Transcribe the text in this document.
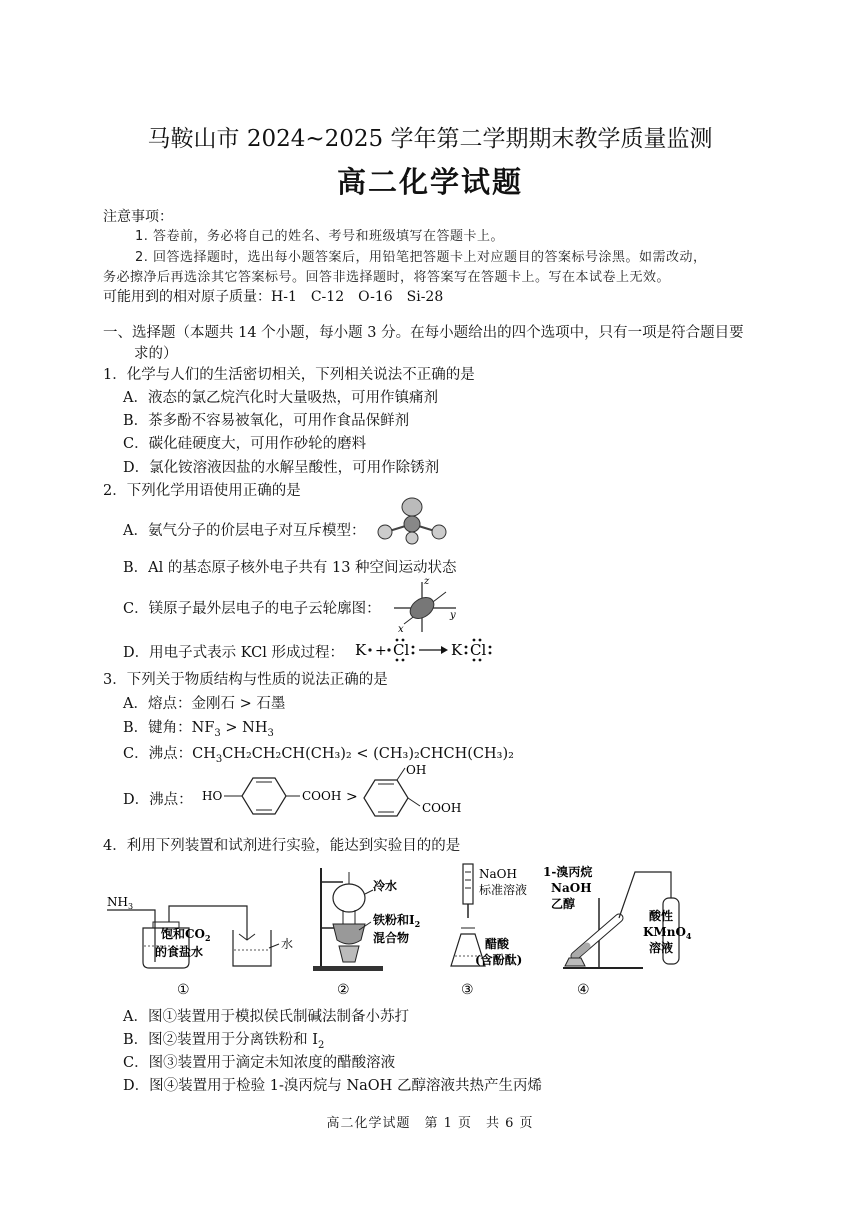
马鞍山市 2024~2025 学年第二学期期末教学质量监测
高二化学试题
注意事项：
1. 答卷前，务必将自己的姓名、考号和班级填写在答题卡上。
2. 回答选择题时，选出每小题答案后，用铅笔把答题卡上对应题目的答案标号涂黑。如需改动，
务必擦净后再选涂其它答案标号。回答非选择题时，将答案写在答题卡上。写在本试卷上无效。
可能用到的相对原子质量：H-1　C-12　O-16　Si-28
一、选择题（本题共 14 个小题，每小题 3 分。在每小题给出的四个选项中，只有一项是符合题目要
求的）
1．化学与人们的生活密切相关，下列相关说法不正确的是
A．液态的氯乙烷汽化时大量吸热，可用作镇痛剂
B．茶多酚不容易被氧化，可用作食品保鲜剂
C．碳化硅硬度大，可用作砂轮的磨料
D．氯化铵溶液因盐的水解呈酸性，可用作除锈剂
2．下列化学用语使用正确的是
A．氨气分子的价层电子对互斥模型：
B．Al 的基态原子核外电子共有 13 种空间运动状态
C．镁原子最外层电子的电子云轮廓图：
z
x
y
D．用电子式表示 KCl 形成过程： K + Cl	K Cl
3．下列关于物质结构与性质的说法正确的是
A．熔点：金刚石 > 石墨
B．键角：$NF_3 > NH_3$
C．沸点：$CH_3CH_2CH_2CH(CH_3)_2$ < (CH₃)₂CHCH(CH₃)₂
D．沸点： HO	COOH >
OH
COOH
4．利用下列装置和试剂进行实验，能达到实验目的的是
$NH_3$
饱和$CO_2$
的食盐水
水
①
冷水
铁粉和$I_2$
混合物
②
NaOH
标准溶液
醋酸
(含酚酞)
③
1-溴丙烷
NaOH
乙醇
酸性
KMnO$_4$
溶液
④
A．图①装置用于模拟侯氏制碱法制备小苏打
B．图②装置用于分离铁粉和 $I_2$
C．图③装置用于滴定未知浓度的醋酸溶液
D．图④装置用于检验 1-溴丙烷与 NaOH 乙醇溶液共热产生丙烯
高二化学试题　第 1 页　共 6 页
